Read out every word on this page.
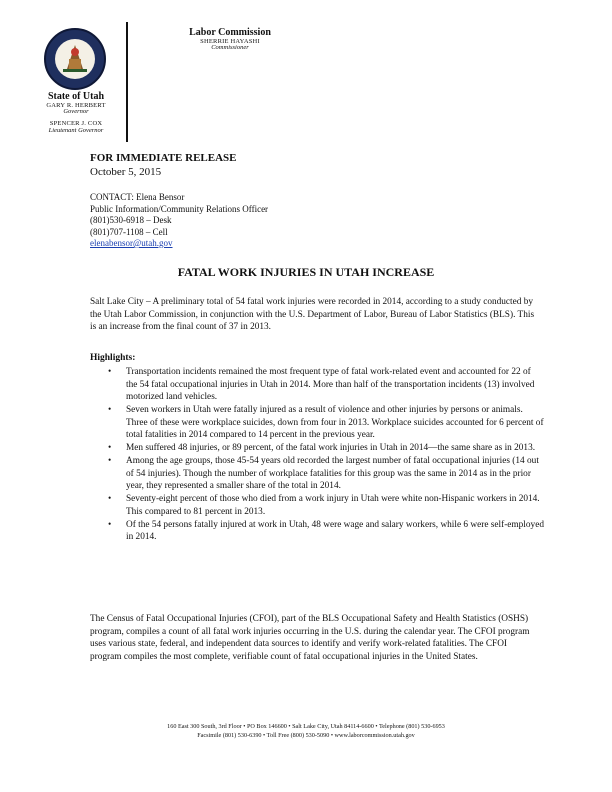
State of Utah
GARY R. HERBERT
Governor
SPENCER J. COX
Lieutenant Governor
Labor Commission
SHERRIE HAYASHI
Commissioner
FOR IMMEDIATE RELEASE
October 5, 2015
CONTACT: Elena Bensor
Public Information/Community Relations Officer
(801)530-6918 – Desk
(801)707-1108 – Cell
elenabensor@utah.gov
FATAL WORK INJURIES IN UTAH INCREASE
Salt Lake City – A preliminary total of 54 fatal work injuries were recorded in 2014, according to a study conducted by the Utah Labor Commission, in conjunction with the U.S. Department of Labor, Bureau of Labor Statistics (BLS). This is an increase from the final count of 37 in 2013.
Highlights:
• Transportation incidents remained the most frequent type of fatal work-related event and accounted for 22 of the 54 fatal occupational injuries in Utah in 2014. More than half of the transportation incidents (13) involved motorized land vehicles.
• Seven workers in Utah were fatally injured as a result of violence and other injuries by persons or animals. Three of these were workplace suicides, down from four in 2013. Workplace suicides accounted for 6 percent of total fatalities in 2014 compared to 14 percent in the previous year.
• Men suffered 48 injuries, or 89 percent, of the fatal work injuries in Utah in 2014—the same share as in 2013.
• Among the age groups, those 45-54 years old recorded the largest number of fatal occupational injuries (14 out of 54 injuries). Though the number of workplace fatalities for this group was the same in 2014 as in the prior year, they represented a smaller share of the total in 2014.
• Seventy-eight percent of those who died from a work injury in Utah were white non-Hispanic workers in 2014. This compared to 81 percent in 2013.
• Of the 54 persons fatally injured at work in Utah, 48 were wage and salary workers, while 6 were self-employed in 2014.
The Census of Fatal Occupational Injuries (CFOI), part of the BLS Occupational Safety and Health Statistics (OSHS) program, compiles a count of all fatal work injuries occurring in the U.S. during the calendar year. The CFOI program uses various state, federal, and independent data sources to identify and verify work-related fatalities. The CFOI program compiles the most complete, verifiable count of fatal occupational injuries in the United States.
160 East 300 South, 3rd Floor • PO Box 146600 • Salt Lake City, Utah 84114-6600 • Telephone (801) 530-6953
Facsimile (801) 530-6390 • Toll Free (800) 530-5090 • www.laborcommission.utah.gov
